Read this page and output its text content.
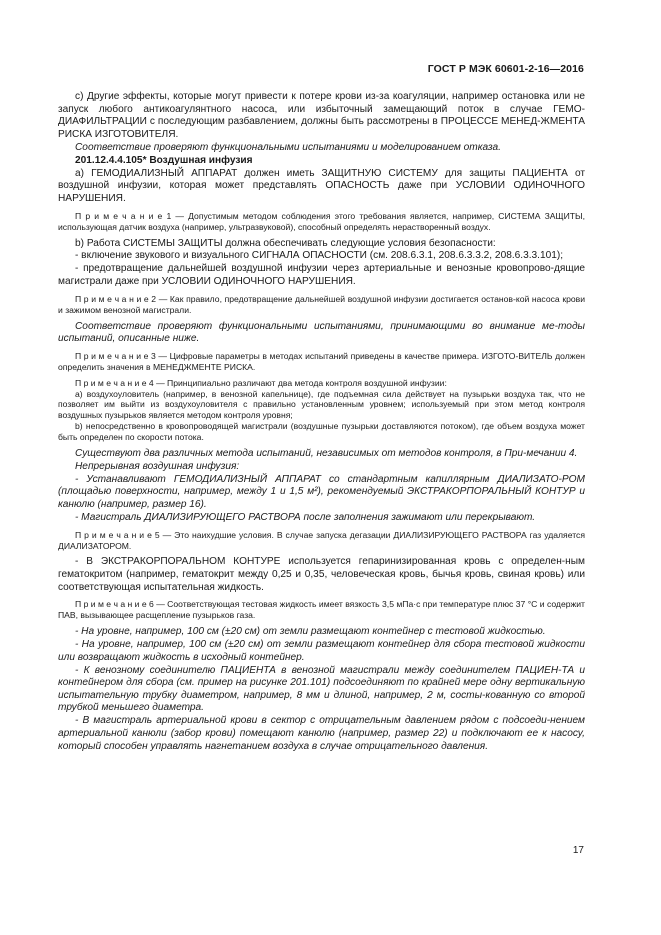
ГОСТ Р МЭК 60601-2-16—2016
c) Другие эффекты, которые могут привести к потере крови из-за коагуляции, например остановка или не запуск любого антикоагулянтного насоса, или избыточный замещающий поток в случае ГЕМО-ДИАФИЛЬТРАЦИИ с последующим разбавлением, должны быть рассмотрены в ПРОЦЕССЕ МЕНЕД-ЖМЕНТА РИСКА ИЗГОТОВИТЕЛЯ.
Соответствие проверяют функциональными испытаниями и моделированием отказа.
201.12.4.4.105* Воздушная инфузия
a) ГЕМОДИАЛИЗНЫЙ АППАРАТ должен иметь ЗАЩИТНУЮ СИСТЕМУ для защиты ПАЦИЕНТА от воздушной инфузии, которая может представлять ОПАСНОСТЬ даже при УСЛОВИИ ОДИНОЧНОГО НАРУШЕНИЯ.
П р и м е ч а н и е 1 — Допустимым методом соблюдения этого требования является, например, СИСТЕМА ЗАЩИТЫ, использующая датчик воздуха (например, ультразвуковой), способный определять нерастворенный воздух.
b) Работа СИСТЕМЫ ЗАЩИТЫ должна обеспечивать следующие условия безопасности:
- включение звукового и визуального СИГНАЛА ОПАСНОСТИ (см. 208.6.3.1, 208.6.3.3.2, 208.6.3.3.101);
- предотвращение дальнейшей воздушной инфузии через артериальные и венозные кровопрово-дящие магистрали даже при УСЛОВИИ ОДИНОЧНОГО НАРУШЕНИЯ.
П р и м е ч а н и е 2 — Как правило, предотвращение дальнейшей воздушной инфузии достигается останов-кой насоса крови и зажимом венозной магистрали.
Соответствие проверяют функциональными испытаниями, принимающими во внимание ме-тоды испытаний, описанные ниже.
П р и м е ч а н и е 3 — Цифровые параметры в методах испытаний приведены в качестве примера. ИЗГОТО-ВИТЕЛЬ должен определить значения в МЕНЕДЖМЕНТЕ РИСКА.
П р и м е ч а н и е 4 — Принципиально различают два метода контроля воздушной инфузии:
a) воздухоуловитель (например, в венозной капельнице), где подъемная сила действует на пузырьки воздуха так, что не позволяет им выйти из воздухоуловителя с правильно установленным уровнем; используемый при этом метод контроля воздушных пузырьков является методом контроля уровня;
b) непосредственно в кровопроводящей магистрали (воздушные пузырьки доставляются потоком), где объем воздуха может быть определен по скорости потока.
Существуют два различных метода испытаний, независимых от методов контроля, в При-мечании 4.
Непрерывная воздушная инфузия:
- Устанавливают ГЕМОДИАЛИЗНЫЙ АППАРАТ со стандартным капиллярным ДИАЛИЗАТО-РОМ (площадью поверхности, например, между 1 и 1,5 м²), рекомендуемый ЭКСТРАКОРПОРАЛЬНЫЙ КОНТУР и канюлю (например, размер 16).
- Магистраль ДИАЛИЗИРУЮЩЕГО РАСТВОРА после заполнения зажимают или перекрывают.
П р и м е ч а н и е 5 — Это наихудшие условия. В случае запуска дегазации ДИАЛИЗИРУЮЩЕГО РАСТВОРА газ удаляется ДИАЛИЗАТОРОМ.
- В ЭКСТРАКОРПОРАЛЬНОМ КОНТУРЕ используется гепаринизированная кровь с определен-ным гематокритом (например, гематокрит между 0,25 и 0,35, человеческая кровь, бычья кровь, свиная кровь) или соответствующая испытательная жидкость.
П р и м е ч а н и е 6 — Соответствующая тестовая жидкость имеет вязкость 3,5 мПа·с при температуре плюс 37 °С и содержит ПАВ, вызывающее расщепление пузырьков газа.
- На уровне, например, 100 см (±20 см) от земли размещают контейнер с тестовой жидкостью.
- На уровне, например, 100 см (±20 см) от земли размещают контейнер для сбора тестовой жидкости или возвращают жидкость в исходный контейнер.
- К венозному соединителю ПАЦИЕНТА в венозной магистрали между соединителем ПАЦИЕН-ТА и контейнером для сбора (см. пример на рисунке 201.101) подсоединяют по крайней мере одну вертикальную испытательную трубку диаметром, например, 8 мм и длиной, например, 2 м, состы-кованную со второй трубкой меньшего диаметра.
- В магистраль артериальной крови в сектор с отрицательным давлением рядом с подсоеди-нением артериальной канюли (забор крови) помещают канюлю (например, размер 22) и подключают ее к насосу, который способен управлять нагнетанием воздуха в случае отрицательного давления.
17
